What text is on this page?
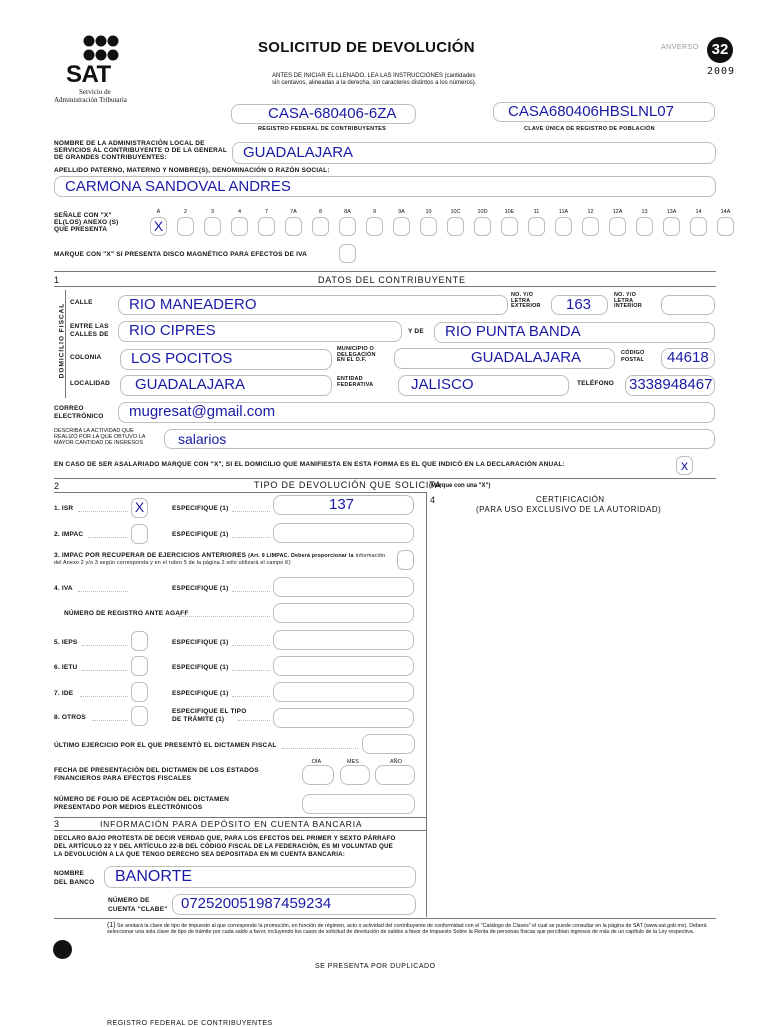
SAT
Servicio de
Administración Tributaria
SOLICITUD DE DEVOLUCIÓN	ANVERSO 32
2009
ANTES DE INICIAR EL LLENADO, LEA LAS INSTRUCCIONES (cantidades
sin centavos, alineadas a la derecha, sin caracteres distintos a los números).
CASA-680406-6ZA
REGISTRO FEDERAL DE CONTRIBUYENTES
CASA680406HBSLNL07
CLAVE ÚNICA DE REGISTRO DE POBLACIÓN
NOMBRE DE LA ADMINISTRACIÓN LOCAL DE SERVICIOS AL CONTRIBUYENTE O DE LA GENERAL DE GRANDES CONTRIBUYENTES:	GUADALAJARA
APELLIDO PATERNO, MATERNO Y NOMBRE(S), DENOMINACIÓN O RAZÓN SOCIAL:
CARMONA SANDOVAL ANDRES
SEÑALE CON "X"
EL(LOS) ANEXO (S)
QUE PRESENTA
A
X
2	3	4	7	7A	8	8A	9	9A	10	10C	10D	10E	11	11A	12	12A	13	13A	14	14A
MARQUE CON "X" SI PRESENTA DISCO MAGNÉTICO PARA EFECTOS DE IVA
1	DATOS DEL CONTRIBUYENTE
DOMICILIO FISCAL
CALLE	RIO MANEADERO
NO. Y/O
LETRA
EXTERIOR	163
NO. Y/O
LETRA
INTERIOR
ENTRE LAS
CALLES DE	RIO CIPRES	Y DE	RIO PUNTA BANDA
COLONIA	LOS POCITOS
MUNICIPIO O
DELEGACIÓN
EN EL D.F.	GUADALAJARA	CÓDIGO
POSTAL	44618
LOCALIDAD	GUADALAJARA	ENTIDAD
FEDERATIVA	JALISCO	TELÉFONO 3338948467
CORREO
ELECTRÓNICO	mugresat@gmail.com
DESCRIBA LA ACTIVIDAD QUE
REALIZÓ POR LA QUE OBTUVO LA
MAYOR CANTIDAD DE INGRESOS	salarios
EN CASO DE SER ASALARIADO MARQUE CON "X", SI EL DOMICILIO QUE MANIFIESTA EN ESTA FORMA ES EL QUE INDICÓ EN LA DECLARACIÓN ANUAL:	x
2	TIPO DE DEVOLUCIÓN QUE SOLICITA
(Marque con una "X")
4	CERTIFICACIÓN
(PARA USO EXCLUSIVO DE LA AUTORIDAD)
1. ISR	X	ESPECIFIQUE (1)	137
2. IMPAC	ESPECIFIQUE (1)
3. IMPAC POR RECUPERAR DE EJERCICIOS ANTERIORES (Art. 9 LIMPAC. Deberá proporcionar la información del Anexo 2 y/o 3 según corresponda y en el rubro 5 de la página 2 sólo utilizará el campo K)
4. IVA	ESPECIFIQUE (1)
NÚMERO DE REGISTRO ANTE AGAFF
5. IEPS	ESPECIFIQUE (1)
6. IETU	ESPECIFIQUE (1)
7. IDE	ESPECIFIQUE (1)
8. OTROS
ESPECIFIQUE EL TIPO
DE TRÁMITE (1)
ÚLTIMO EJERCICIO POR EL QUE PRESENTÓ EL DICTAMEN FISCAL
DÍA	MES	AÑO
FECHA DE PRESENTACIÓN DEL DICTAMEN DE LOS ESTADOS
FINANCIEROS PARA EFECTOS FISCALES
NÚMERO DE FOLIO DE ACEPTACIÓN DEL DICTAMEN
PRESENTADO POR MEDIOS ELECTRÓNICOS
3	INFORMACIÓN PARA DEPÓSITO EN CUENTA BANCARIA
DECLARO BAJO PROTESTA DE DECIR VERDAD QUE, PARA LOS EFECTOS DEL PRIMER Y SEXTO PÁRRAFO
DEL ARTÍCULO 22 Y DEL ARTÍCULO 22-B DEL CÓDIGO FISCAL DE LA FEDERACIÓN, ES MI VOLUNTAD QUE
LA DEVOLUCIÓN A LA QUE TENGO DERECHO SEA DEPOSITADA EN MI CUENTA BANCARIA:
NOMBRE
DEL BANCO	BANORTE
NÚMERO DE
CUENTA "CLABE" 072520051987459234
(1) Se anotará la clave de tipo de impuesto al que corresponde la promoción, en función de régimen, acto o actividad del contribuyente de conformidad con el "Catálogo de Claves" el cual se puede consultar en la página de SAT (www.sat.gob.mx). Deberá seleccionar una sola clave de tipo de trámite por cada saldo a favor, incluyendo los casos de solicitud de devolución de saldos a favor de Impuesto Sobre la Renta de personas físicas que percibían ingresos de más de un capítulo de la Ley respectiva.
SE PRESENTA POR DUPLICADO
REGISTRO FEDERAL DE CONTRIBUYENTES
